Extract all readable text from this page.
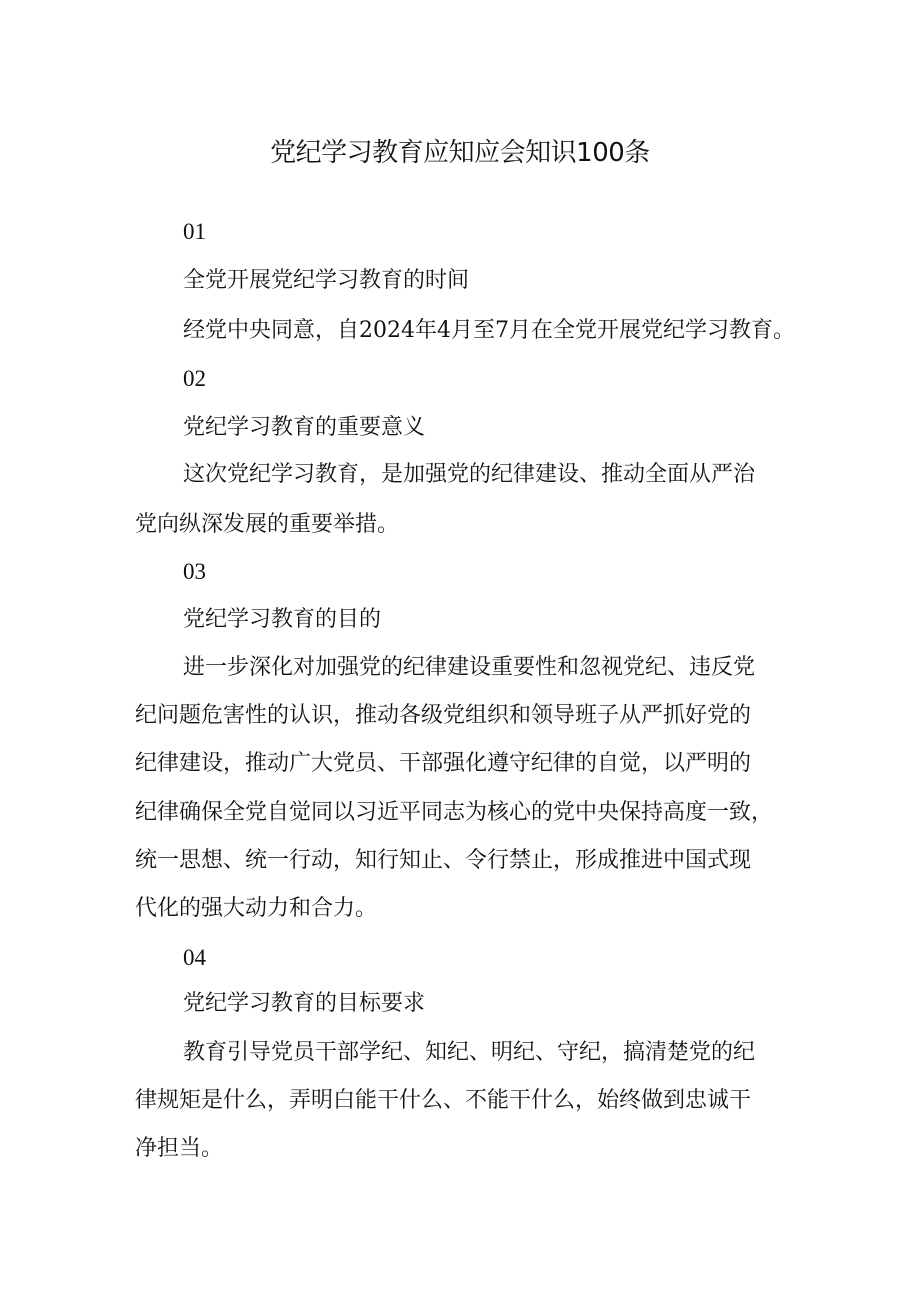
党纪学习教育应知应会知识100条
01
全党开展党纪学习教育的时间
经党中央同意，自2024年4月至7月在全党开展党纪学习教育。
02
党纪学习教育的重要意义
这次党纪学习教育，是加强党的纪律建设、推动全面从严治
党向纵深发展的重要举措。
03
党纪学习教育的目的
进一步深化对加强党的纪律建设重要性和忽视党纪、违反党
纪问题危害性的认识，推动各级党组织和领导班子从严抓好党的
纪律建设，推动广大党员、干部强化遵守纪律的自觉，以严明的
纪律确保全党自觉同以习近平同志为核心的党中央保持高度一致，
统一思想、统一行动，知行知止、令行禁止，形成推进中国式现
代化的强大动力和合力。
04
党纪学习教育的目标要求
教育引导党员干部学纪、知纪、明纪、守纪，搞清楚党的纪
律规矩是什么，弄明白能干什么、不能干什么，始终做到忠诚干
净担当。
